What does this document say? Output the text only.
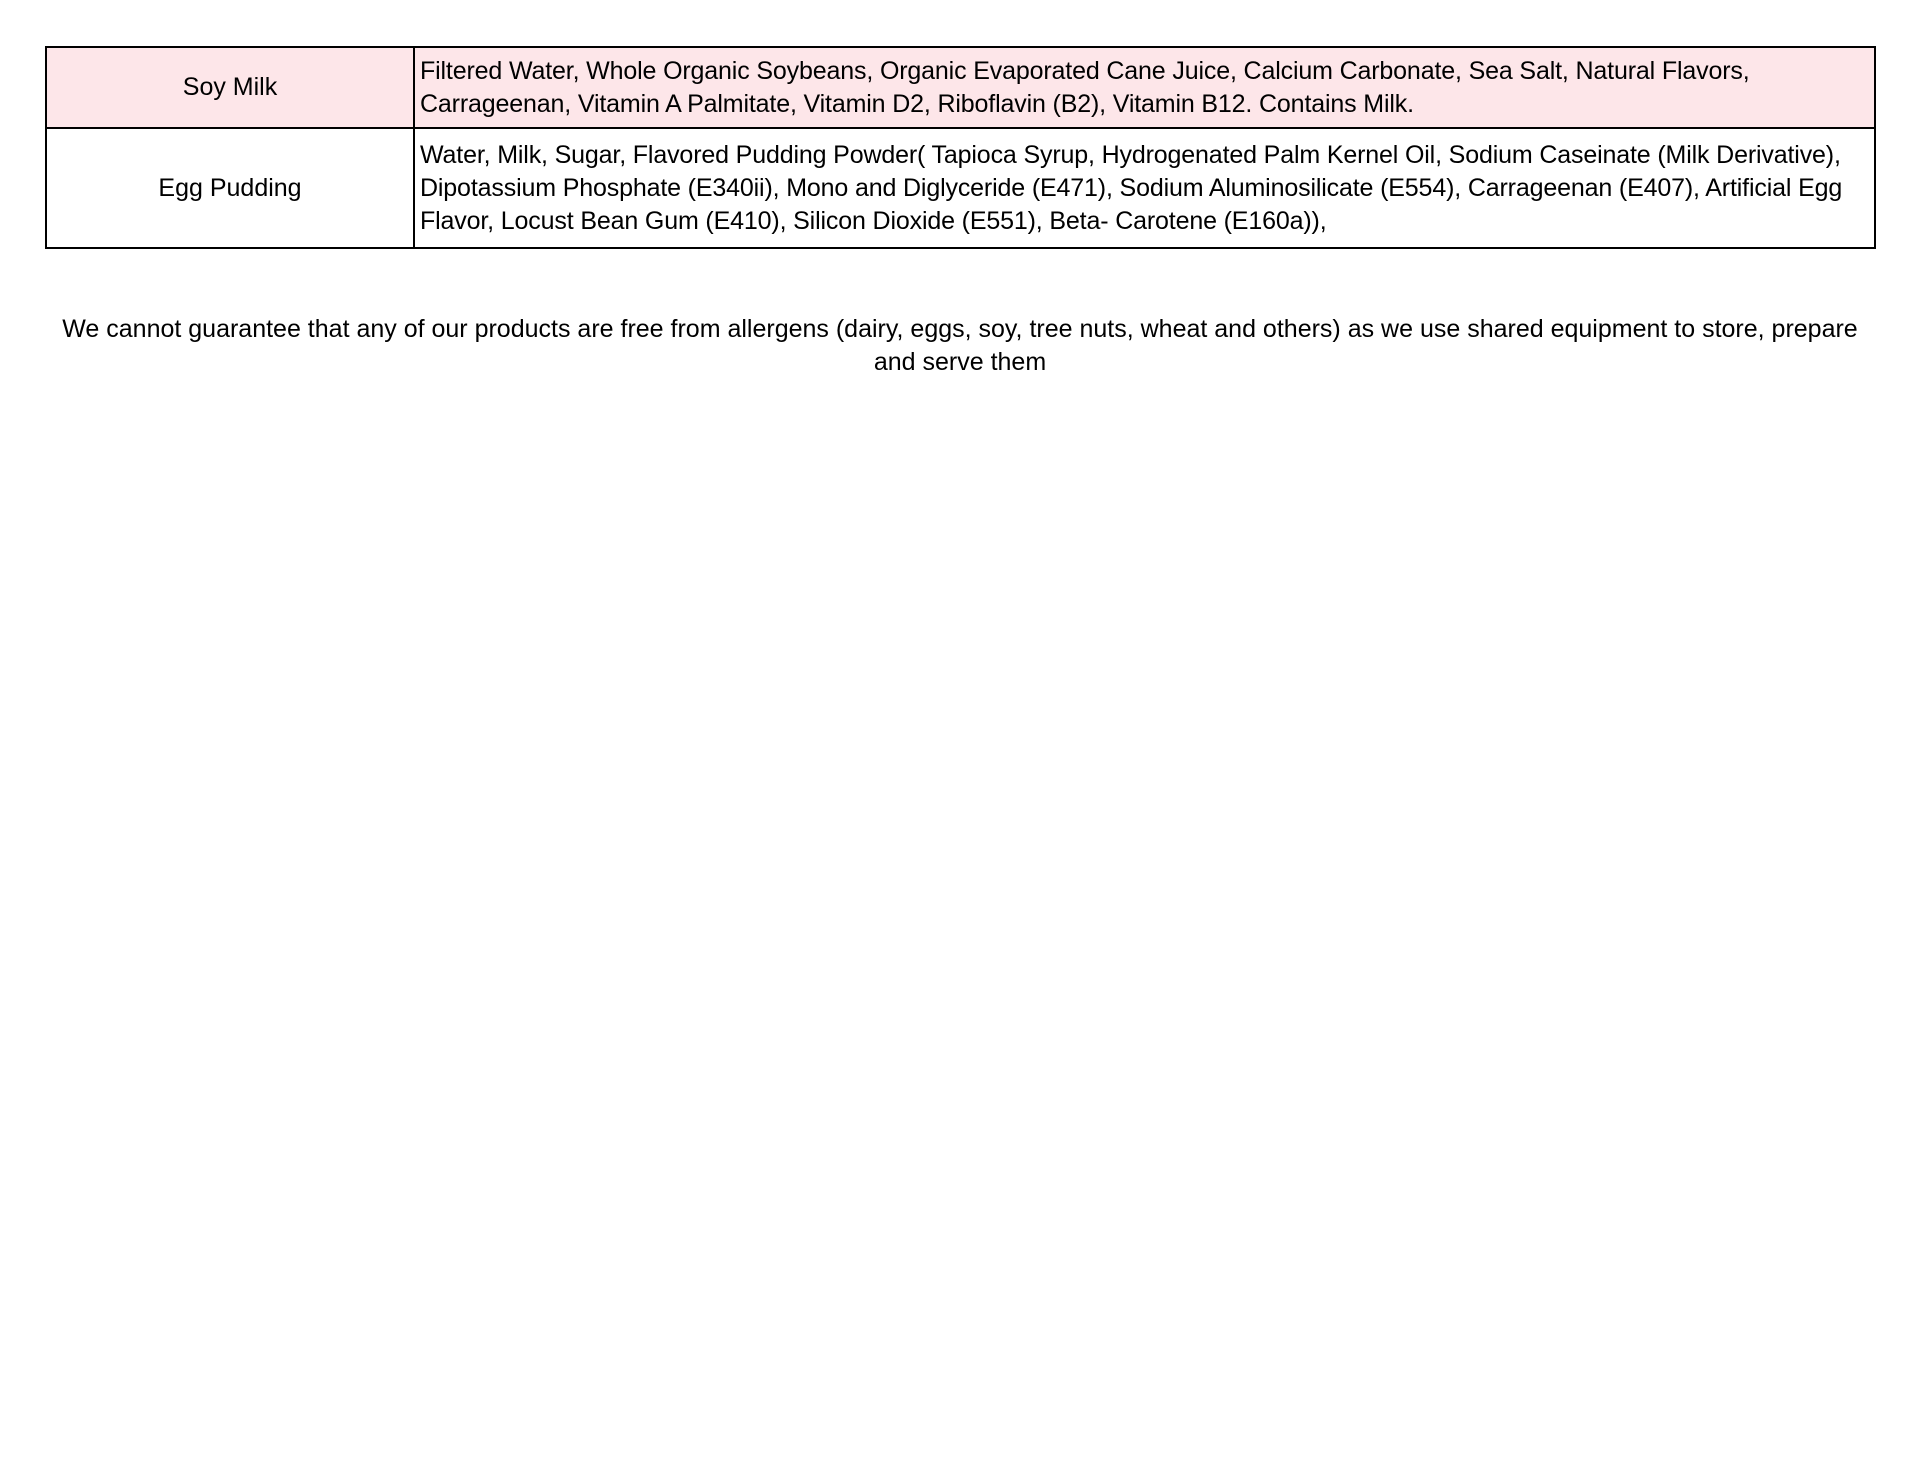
Soy Milk	Filtered Water, Whole Organic Soybeans, Organic Evaporated Cane Juice, Calcium Carbonate, Sea Salt, Natural Flavors, Carrageenan, Vitamin A Palmitate, Vitamin D2, Riboflavin (B2), Vitamin B12. Contains Milk.
Egg Pudding	Water, Milk, Sugar, Flavored Pudding Powder( Tapioca Syrup, Hydrogenated Palm Kernel Oil, Sodium Caseinate (Milk Derivative), Dipotassium Phosphate (E340ii), Mono and Diglyceride (E471), Sodium Aluminosilicate (E554), Carrageenan (E407), Artificial Egg Flavor, Locust Bean Gum (E410), Silicon Dioxide (E551), Beta- Carotene (E160a)),

We cannot guarantee that any of our products are free from allergens (dairy, eggs, soy, tree nuts, wheat and others) as we use shared equipment to store, prepare and serve them
